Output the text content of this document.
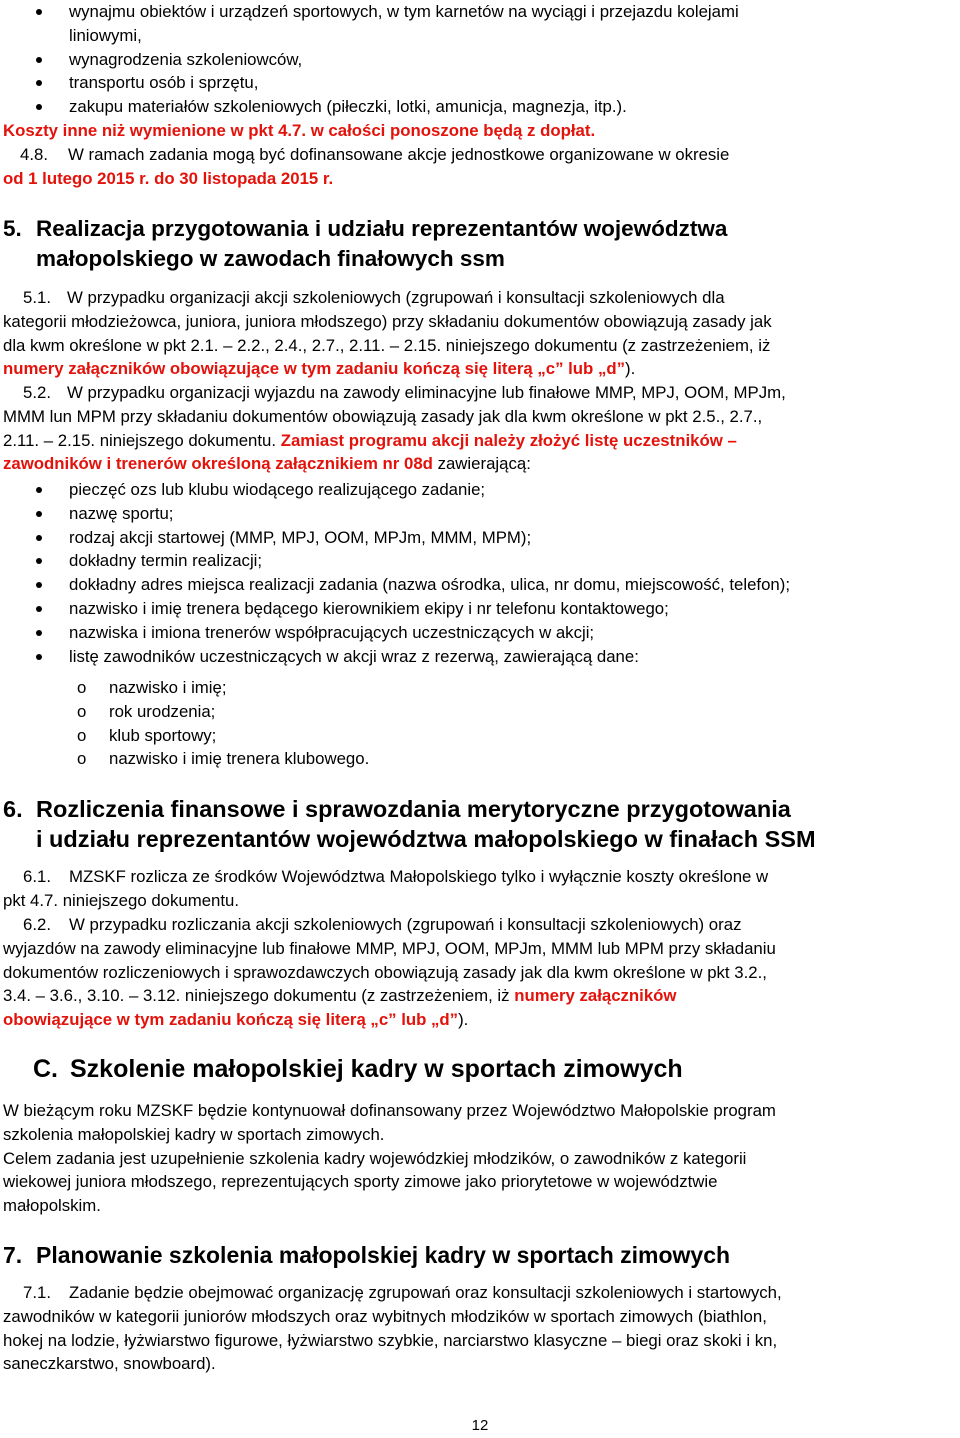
wynajmu obiektów i urządzeń sportowych, w tym karnetów na wyciągi i przejazdu kolejami
liniowymi,
wynagrodzenia szkoleniowców,
transportu osób i sprzętu,
zakupu materiałów szkoleniowych (piłeczki, lotki, amunicja, magnezja, itp.).

Koszty inne niż wymienione w pkt 4.7. w całości ponoszone będą z dopłat.

4.8. W ramach zadania mogą być dofinansowane akcje jednostkowe organizowane w okresie
od 1 lutego 2015 r. do 30 listopada 2015 r.
5. Realizacja przygotowania i udziału reprezentantów województwa
małopolskiego w zawodach finałowych ssm
5.1. W przypadku organizacji akcji szkoleniowych (zgrupowań i konsultacji szkoleniowych dla
kategorii młodzieżowca, juniora, juniora młodszego) przy składaniu dokumentów obowiązują zasady jak
dla kwm określone w pkt 2.1. – 2.2., 2.4., 2.7., 2.11. – 2.15. niniejszego dokumentu (z zastrzeżeniem, iż
numery załączników obowiązujące w tym zadaniu kończą się literą „c” lub „d”).
5.2. W przypadku organizacji wyjazdu na zawody eliminacyjne lub finałowe MMP, MPJ, OOM, MPJm,
MMM lun MPM przy składaniu dokumentów obowiązują zasady jak dla kwm określone w pkt 2.5., 2.7.,
2.11. – 2.15. niniejszego dokumentu. Zamiast programu akcji należy złożyć listę uczestników –
zawodników i trenerów określoną załącznikiem nr 08d zawierającą:
pieczęć ozs lub klubu wiodącego realizującego zadanie;
nazwę sportu;
rodzaj akcji startowej (MMP, MPJ, OOM, MPJm, MMM, MPM);
dokładny termin realizacji;
dokładny adres miejsca realizacji zadania (nazwa ośrodka, ulica, nr domu, miejscowość, telefon);
nazwisko i imię trenera będącego kierownikiem ekipy i nr telefonu kontaktowego;
nazwiska i imiona trenerów współpracujących uczestniczących w akcji;
listę zawodników uczestniczących w akcji wraz z rezerwą, zawierającą dane:
o nazwisko i imię;
o rok urodzenia;
o klub sportowy;
o nazwisko i imię trenera klubowego.
6. Rozliczenia finansowe i sprawozdania merytoryczne przygotowania
i udziału reprezentantów województwa małopolskiego w finałach SSM
6.1. MZSKF rozlicza ze środków Województwa Małopolskiego tylko i wyłącznie koszty określone w
pkt 4.7. niniejszego dokumentu.
6.2. W przypadku rozliczania akcji szkoleniowych (zgrupowań i konsultacji szkoleniowych) oraz
wyjazdów na zawody eliminacyjne lub finałowe MMP, MPJ, OOM, MPJm, MMM lub MPM przy składaniu
dokumentów rozliczeniowych i sprawozdawczych obowiązują zasady jak dla kwm określone w pkt 3.2.,
3.4. – 3.6., 3.10. – 3.12. niniejszego dokumentu (z zastrzeżeniem, iż numery załączników
obowiązujące w tym zadaniu kończą się literą „c” lub „d”).
C. Szkolenie małopolskiej kadry w sportach zimowych
W bieżącym roku MZSKF będzie kontynuował dofinansowany przez Województwo Małopolskie program
szkolenia małopolskiej kadry w sportach zimowych.
Celem zadania jest uzupełnienie szkolenia kadry wojewódzkiej młodzików, o zawodników z kategorii
wiekowej juniora młodszego, reprezentujących sporty zimowe jako priorytetowe w województwie
małopolskim.
7. Planowanie szkolenia małopolskiej kadry w sportach zimowych
7.1. Zadanie będzie obejmować organizację zgrupowań oraz konsultacji szkoleniowych i startowych,
zawodników w kategorii juniorów młodszych oraz wybitnych młodzików w sportach zimowych (biathlon,
hokej na lodzie, łyżwiarstwo figurowe, łyżwiarstwo szybkie, narciarstwo klasyczne – biegi oraz skoki i kn,
saneczkarstwo, snowboard).
12
